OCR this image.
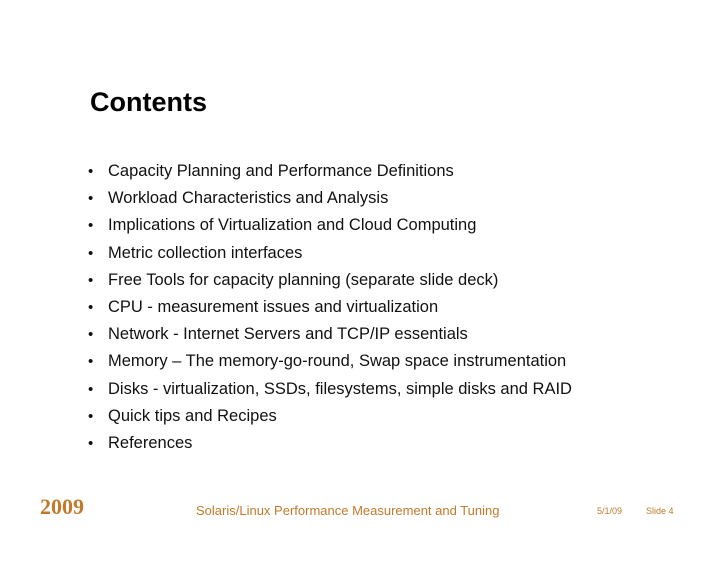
Contents
• Capacity Planning and Performance Definitions
• Workload Characteristics and Analysis
• Implications of Virtualization and Cloud Computing
• Metric collection interfaces
• Free Tools for capacity planning (separate slide deck)
• CPU - measurement issues and virtualization
• Network - Internet Servers and TCP/IP essentials
• Memory – The memory-go-round, Swap space instrumentation
• Disks - virtualization, SSDs, filesystems, simple disks and RAID
• Quick tips and Recipes
• References
2009	Solaris/Linux Performance Measurement and Tuning	5/1/09	Slide 4
